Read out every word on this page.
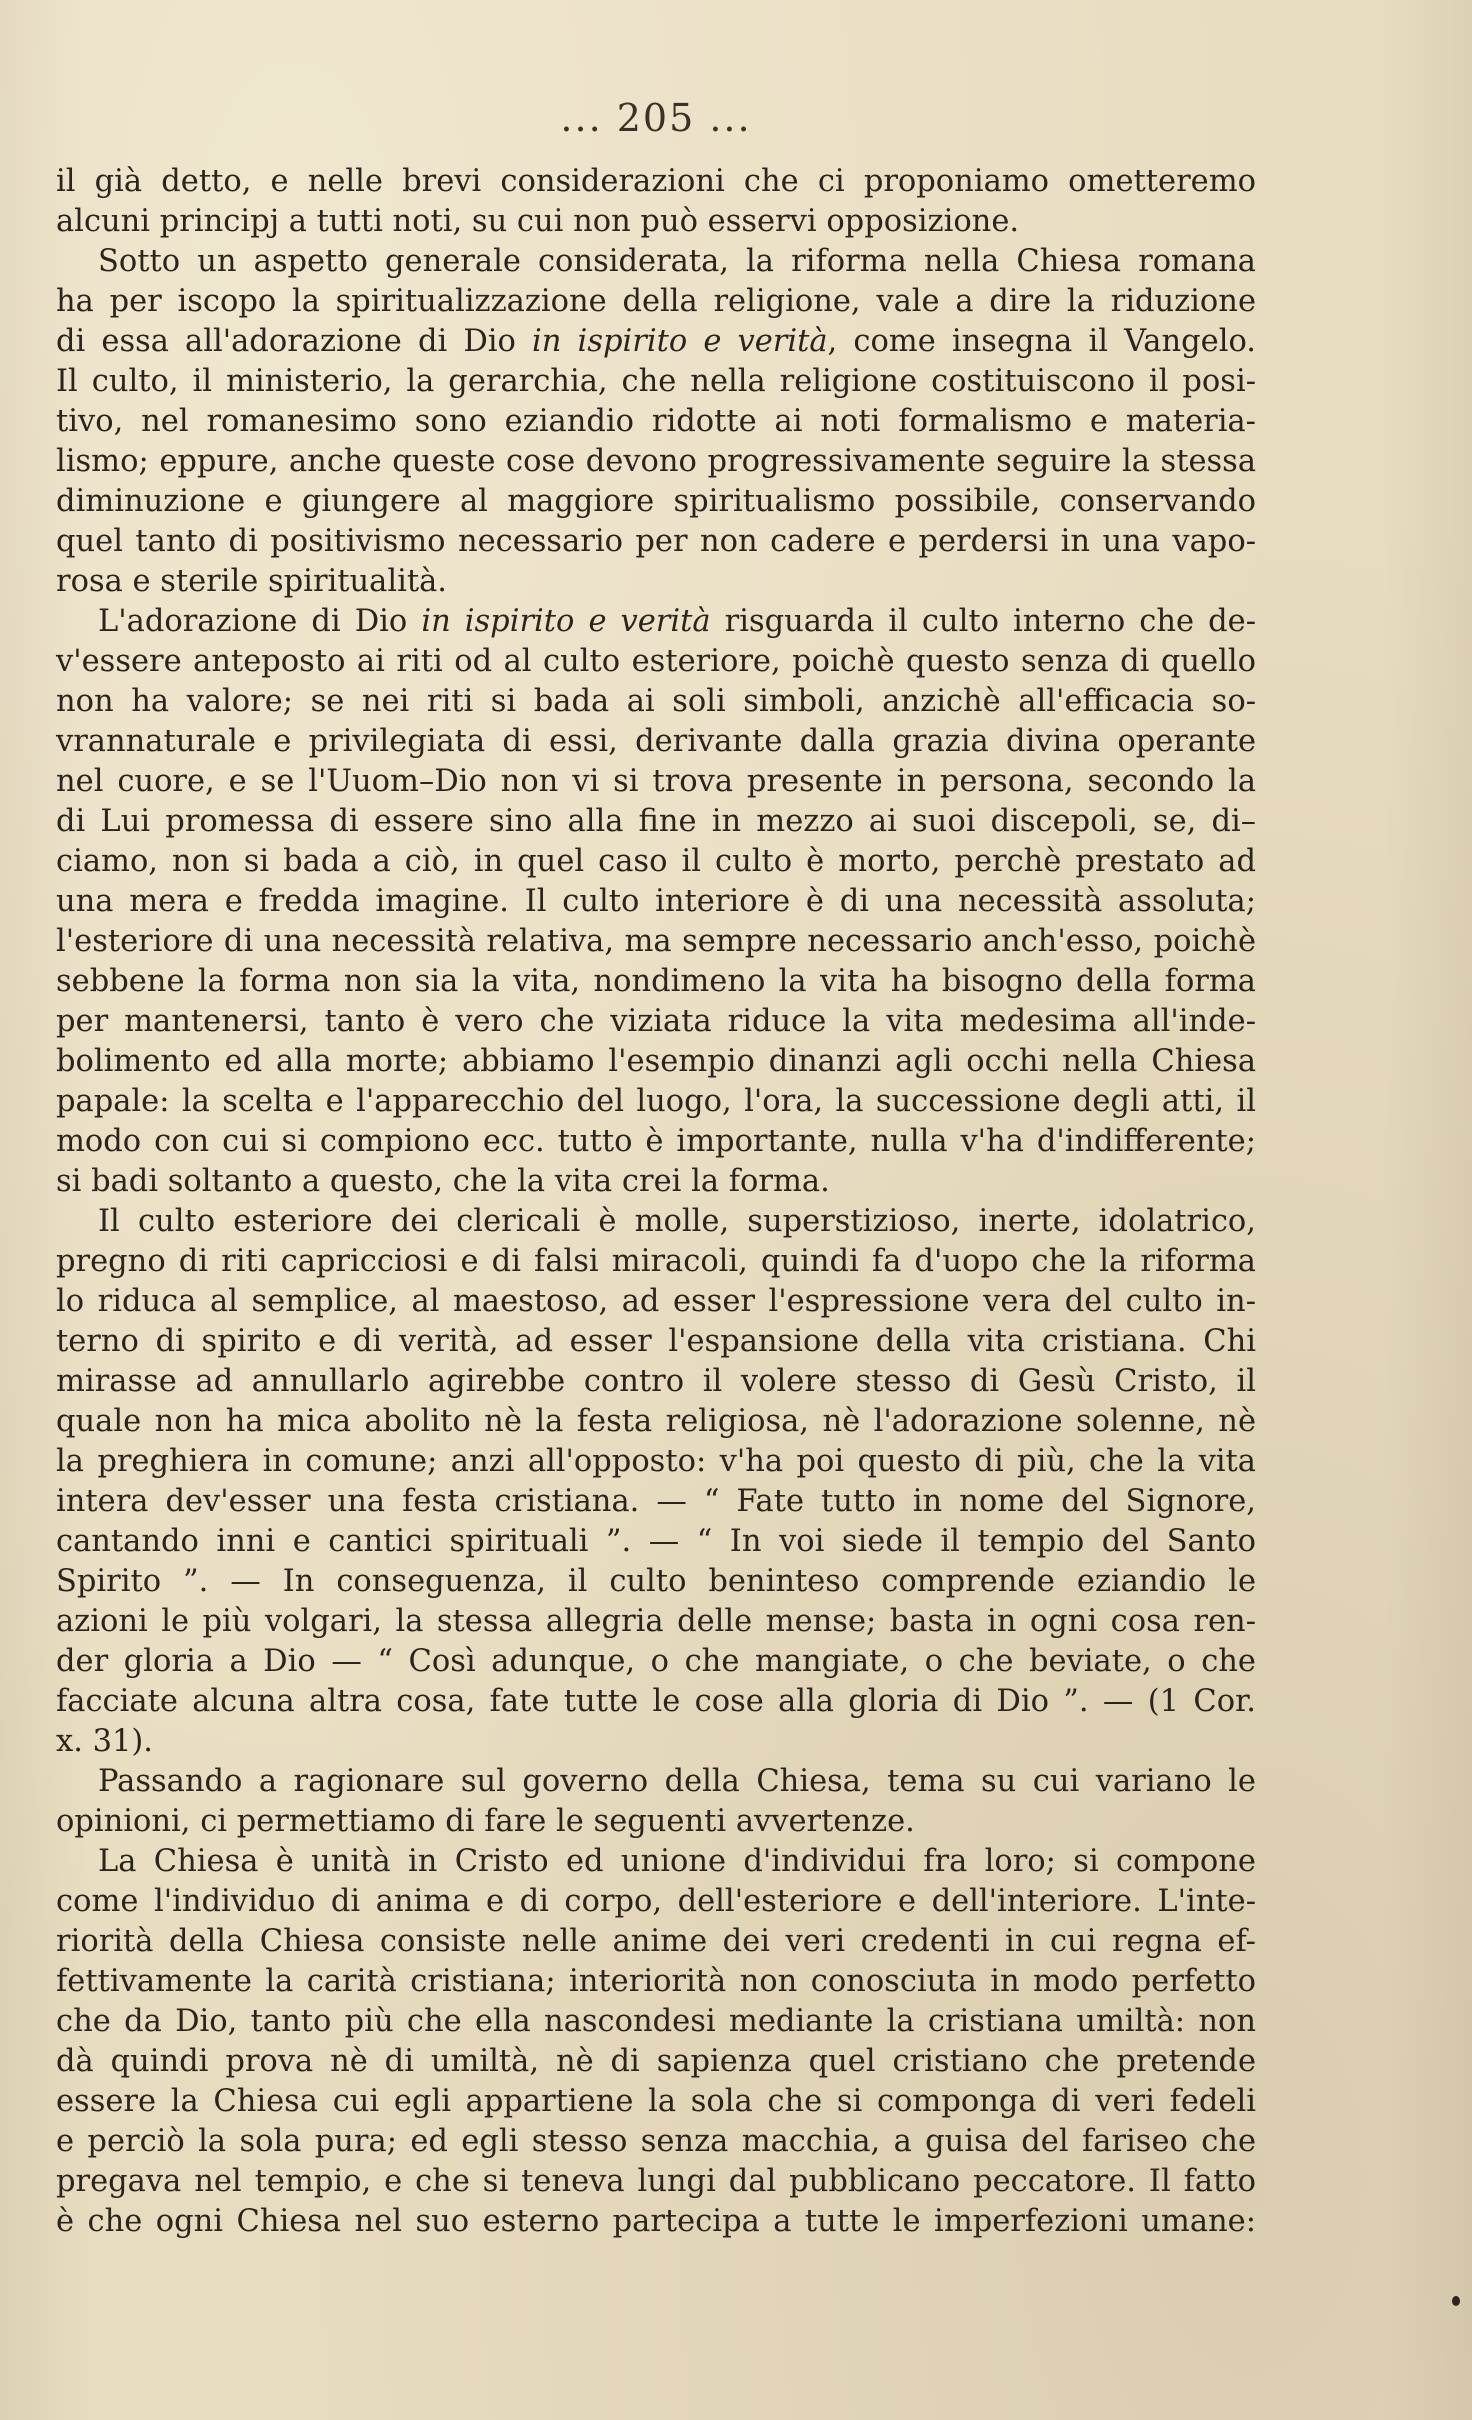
... 205 ...
il già detto, e nelle brevi considerazioni che ci proponiamo ometteremo
alcuni principj a tutti noti, su cui non può esservi opposizione.
Sotto un aspetto generale considerata, la riforma nella Chiesa romana
ha per iscopo la spiritualizzazione della religione, vale a dire la riduzione
di essa all'adorazione di Dio in ispirito e verità, come insegna il Vangelo.
Il culto, il ministerio, la gerarchia, che nella religione costituiscono il posi-
tivo, nel romanesimo sono eziandio ridotte ai noti formalismo e materia-
lismo; eppure, anche queste cose devono progressivamente seguire la stessa
diminuzione e giungere al maggiore spiritualismo possibile, conservando
quel tanto di positivismo necessario per non cadere e perdersi in una vapo-
rosa e sterile spiritualità.
L'adorazione di Dio in ispirito e verità risguarda il culto interno che de-
v'essere anteposto ai riti od al culto esteriore, poichè questo senza di quello
non ha valore; se nei riti si bada ai soli simboli, anzichè all'efficacia so-
vrannaturale e privilegiata di essi, derivante dalla grazia divina operante
nel cuore, e se l'Uuom–Dio non vi si trova presente in persona, secondo la
di Lui promessa di essere sino alla fine in mezzo ai suoi discepoli, se, di–
ciamo, non si bada a ciò, in quel caso il culto è morto, perchè prestato ad
una mera e fredda imagine. Il culto interiore è di una necessità assoluta;
l'esteriore di una necessità relativa, ma sempre necessario anch'esso, poichè
sebbene la forma non sia la vita, nondimeno la vita ha bisogno della forma
per mantenersi, tanto è vero che viziata riduce la vita medesima all'inde-
bolimento ed alla morte; abbiamo l'esempio dinanzi agli occhi nella Chiesa
papale: la scelta e l'apparecchio del luogo, l'ora, la successione degli atti, il
modo con cui si compiono ecc. tutto è importante, nulla v'ha d'indifferente;
si badi soltanto a questo, che la vita crei la forma.
Il culto esteriore dei clericali è molle, superstizioso, inerte, idolatrico,
pregno di riti capricciosi e di falsi miracoli, quindi fa d'uopo che la riforma
lo riduca al semplice, al maestoso, ad esser l'espressione vera del culto in-
terno di spirito e di verità, ad esser l'espansione della vita cristiana. Chi
mirasse ad annullarlo agirebbe contro il volere stesso di Gesù Cristo, il
quale non ha mica abolito nè la festa religiosa, nè l'adorazione solenne, nè
la preghiera in comune; anzi all'opposto: v'ha poi questo di più, che la vita
intera dev'esser una festa cristiana. — “ Fate tutto in nome del Signore,
cantando inni e cantici spirituali ”. — “ In voi siede il tempio del Santo
Spirito ”. — In conseguenza, il culto beninteso comprende eziandio le
azioni le più volgari, la stessa allegria delle mense; basta in ogni cosa ren-
der gloria a Dio — “ Così adunque, o che mangiate, o che beviate, o che
facciate alcuna altra cosa, fate tutte le cose alla gloria di Dio ”. — (1 Cor.
x. 31).
Passando a ragionare sul governo della Chiesa, tema su cui variano le
opinioni, ci permettiamo di fare le seguenti avvertenze.
La Chiesa è unità in Cristo ed unione d'individui fra loro; si compone
come l'individuo di anima e di corpo, dell'esteriore e dell'interiore. L'inte-
riorità della Chiesa consiste nelle anime dei veri credenti in cui regna ef-
fettivamente la carità cristiana; interiorità non conosciuta in modo perfetto
che da Dio, tanto più che ella nascondesi mediante la cristiana umiltà: non
dà quindi prova nè di umiltà, nè di sapienza quel cristiano che pretende
essere la Chiesa cui egli appartiene la sola che si componga di veri fedeli
e perciò la sola pura; ed egli stesso senza macchia, a guisa del fariseo che
pregava nel tempio, e che si teneva lungi dal pubblicano peccatore. Il fatto
è che ogni Chiesa nel suo esterno partecipa a tutte le imperfezioni umane:
